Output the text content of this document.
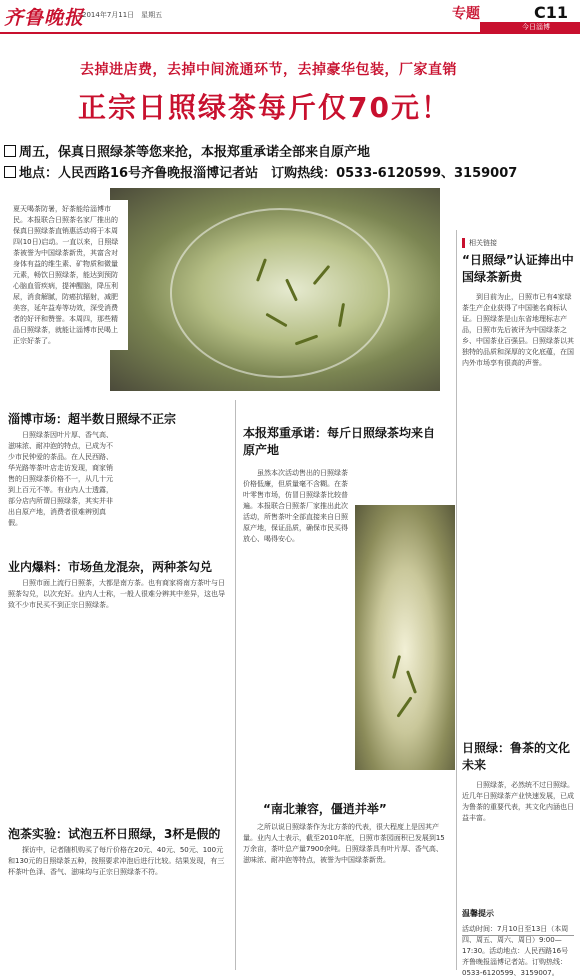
齐鲁晚报
2014年7月11日　星期五	专题	C11
今日淄博
去掉进店费，去掉中间流通环节，去掉豪华包装，厂家直销
正宗日照绿茶每斤仅70元！
周五，保真日照绿茶等您来抢，本报郑重承诺全部来自原产地
地点：人民西路16号齐鲁晚报淄博记者站　订购热线：0533-6120599、3159007
夏天喝茶防暑，好茶能给淄博市民。本报联合日照茶名家厂推出的保真日照绿茶直销惠活动将于本周四(10日)启动。一直以来，日照绿茶被誉为中国绿茶新贵，其富含对身体有益的维生素、矿物质和微量元素，畅饮日照绿茶，能达到预防心脑血管疾病，提神醒脑，降压利尿，消食解腻，防癌抗辐射，减肥美容，延年益寿等功效，深受消费者的好评和赞誉。本周四，那些精品日照绿茶，就能让淄博市民喝上正宗好茶了。
淄博市场：超半数日照绿不正宗
日照绿茶因叶片厚、香气高、滋味浓、耐冲泡的特点，已成为不少市民钟爱的茶品。在人民西路、华光路等茶叶店走访发现，商家销售的日照绿茶价格不一，从几十元到上百元不等。有业内人士透露，部分店内所谓日照绿茶，其实并非出自原产地，消费者很难辨别真假。
业内爆料：市场鱼龙混杂，两种茶勾兑
日照市面上流行日照茶，大都是南方茶。也有商家将南方茶叶与日照茶勾兑，以次充好。业内人士称，一般人很难分辨其中差异，这也导致不少市民买不到正宗日照绿茶。
泡茶实验：试泡五杯日照绿，3杯是假的
探访中，记者随机购买了每斤价格在20元、40元、50元、100元和130元的日照绿茶五种，按照要求冲泡后进行比较。结果发现，有三杯茶叶色泽、香气、滋味均与正宗日照绿茶不符。
本报郑重承诺：每斤日照绿茶均来自原产地
虽然本次活动售出的日照绿茶价格低廉，但质量毫不含糊。在茶叶零售市场，仿冒日照绿茶比较普遍。本报联合日照茶厂家推出此次活动，所售茶叶全部直接来自日照原产地，保证品质，确保市民买得放心、喝得安心。
“南北兼容，僵逍并举”
之所以说日照绿茶作为北方茶的代表，很大程度上是因其产量。业内人士表示，截至2010年底，日照市茶园面积已发展到15万余亩，茶叶总产量7900余吨。日照绿茶具有叶片厚、香气高、滋味浓、耐冲泡等特点，被誉为中国绿茶新贵。
相关链接
“日照绿”认证捧出中国绿茶新贵
到目前为止，日照市已有4家绿茶生产企业获得了中国驰名商标认证。日照绿茶是山东省地理标志产品，日照市先后被评为中国绿茶之乡、中国茶业百强县。日照绿茶以其独特的品质和深厚的文化底蕴，在国内外市场享有很高的声誉。
日照绿：鲁茶的文化未来
日照绿茶，必然统不过日照绿。近几年日照绿茶产业快速发展，已成为鲁茶的重要代表，其文化内涵也日益丰富。
温馨提示
活动时间：7月10日至13日（本周四、周五、周六、周日）9:00—17:30。活动地点：人民西路16号齐鲁晚报淄博记者站。订购热线：0533-6120599、3159007。
